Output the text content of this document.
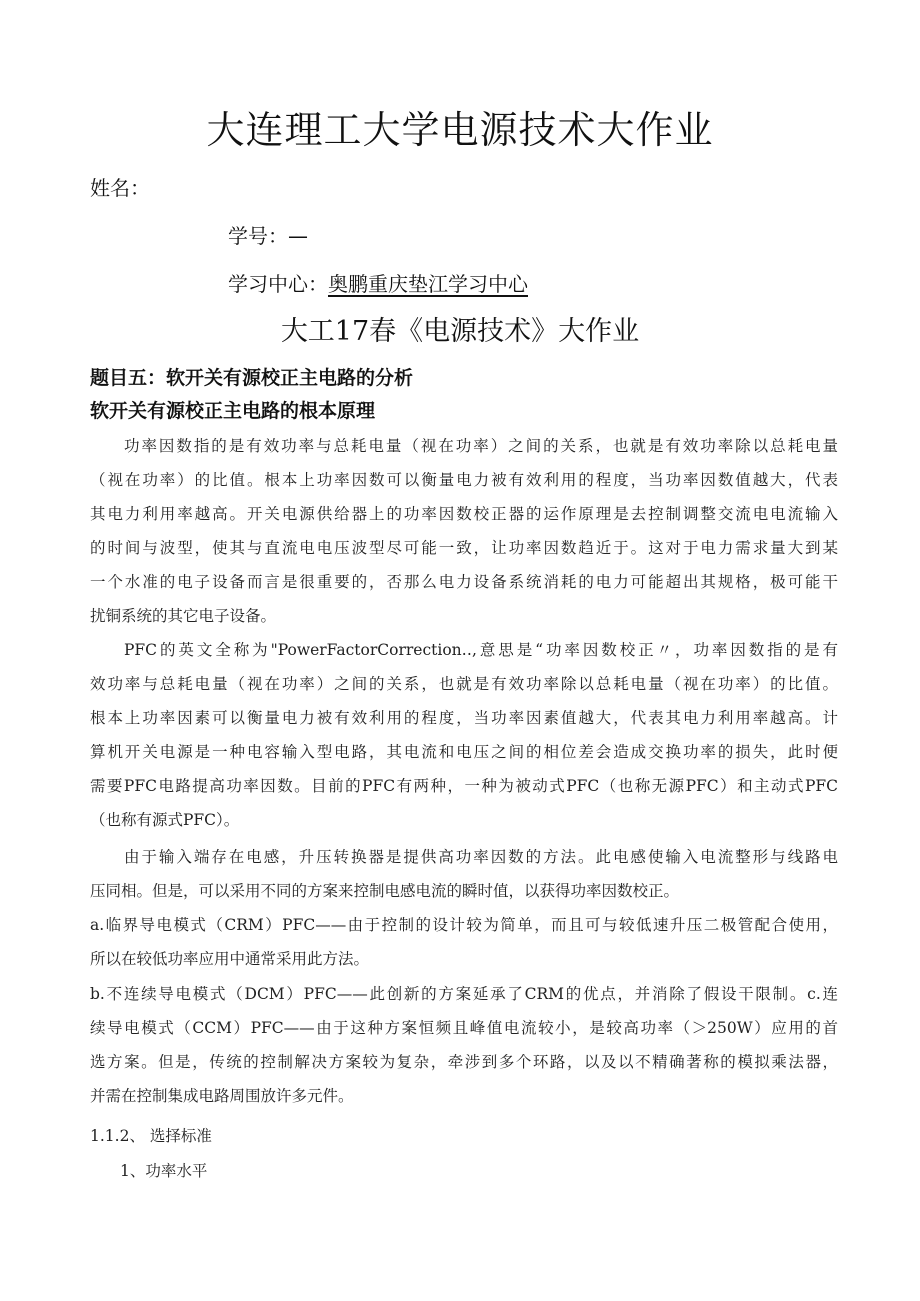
大连理工大学电源技术大作业
姓名：
学号：—
学习中心：奥鹏重庆垫江学习中心
大工17春《电源技术》大作业
题目五：软开关有源校正主电路的分析
软开关有源校正主电路的根本原理
功率因数指的是有效功率与总耗电量（视在功率）之间的关系，也就是有效功率除以总耗电量
（视在功率）的比值。根本上功率因数可以衡量电力被有效利用的程度，当功率因数值越大，代表
其电力利用率越高。开关电源供给器上的功率因数校正器的运作原理是去控制调整交流电电流输入
的时间与波型，使其与直流电电压波型尽可能一致，让功率因数趋近于。这对于电力需求量大到某
一个水准的电子设备而言是很重要的，否那么电力设备系统消耗的电力可能超出其规格，极可能干
扰铜系统的其它电子设备。
PFC的英文全称为"PowerFactorCorrection‥,意思是“功率因数校正〃，功率因数指的是有
效功率与总耗电量（视在功率）之间的关系，也就是有效功率除以总耗电量（视在功率）的比值。
根本上功率因素可以衡量电力被有效利用的程度，当功率因素值越大，代表其电力利用率越高。计
算机开关电源是一种电容输入型电路，其电流和电压之间的相位差会造成交换功率的损失，此时便
需要PFC电路提高功率因数。目前的PFC有两种，一种为被动式PFC（也称无源PFC）和主动式PFC
（也称有源式PFC）。
由于输入端存在电感，升压转换器是提供高功率因数的方法。此电感使输入电流整形与线路电
压同相。但是，可以采用不同的方案来控制电感电流的瞬时值，以获得功率因数校正。
a.临界导电模式（CRM）PFC——由于控制的设计较为简单，而且可与较低速升压二极管配合使用，
所以在较低功率应用中通常采用此方法。
b.不连续导电模式（DCM）PFC——此创新的方案延承了CRM的优点，并消除了假设干限制。c.连
续导电模式（CCM）PFC——由于这种方案恒频且峰值电流较小，是较高功率（＞250W）应用的首
选方案。但是，传统的控制解决方案较为复杂，牵涉到多个环路，以及以不精确著称的模拟乘法器，
并需在控制集成电路周围放许多元件。
1.1.2、 选择标准
1、功率水平
